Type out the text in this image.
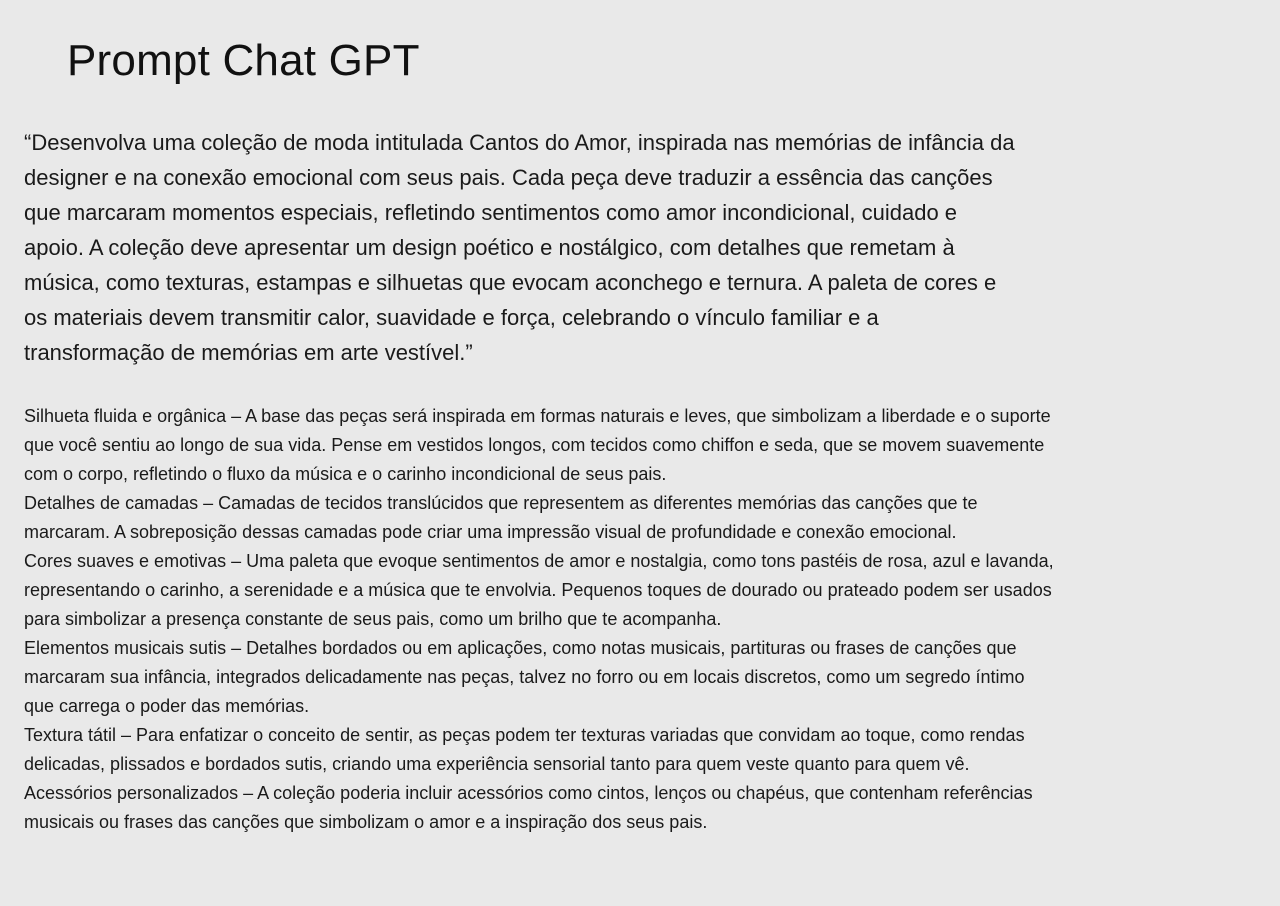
Prompt Chat GPT
“Desenvolva uma coleção de moda intitulada Cantos do Amor, inspirada nas memórias de infância da
designer e na conexão emocional com seus pais. Cada peça deve traduzir a essência das canções
que marcaram momentos especiais, refletindo sentimentos como amor incondicional, cuidado e
apoio. A coleção deve apresentar um design poético e nostálgico, com detalhes que remetam à
música, como texturas, estampas e silhuetas que evocam aconchego e ternura. A paleta de cores e
os materiais devem transmitir calor, suavidade e força, celebrando o vínculo familiar e a
transformação de memórias em arte vestível.”
Silhueta fluida e orgânica – A base das peças será inspirada em formas naturais e leves, que simbolizam a liberdade e o suporte
que você sentiu ao longo de sua vida. Pense em vestidos longos, com tecidos como chiffon e seda, que se movem suavemente
com o corpo, refletindo o fluxo da música e o carinho incondicional de seus pais.
Detalhes de camadas – Camadas de tecidos translúcidos que representem as diferentes memórias das canções que te
marcaram. A sobreposição dessas camadas pode criar uma impressão visual de profundidade e conexão emocional.
Cores suaves e emotivas – Uma paleta que evoque sentimentos de amor e nostalgia, como tons pastéis de rosa, azul e lavanda,
representando o carinho, a serenidade e a música que te envolvia. Pequenos toques de dourado ou prateado podem ser usados
para simbolizar a presença constante de seus pais, como um brilho que te acompanha.
Elementos musicais sutis – Detalhes bordados ou em aplicações, como notas musicais, partituras ou frases de canções que
marcaram sua infância, integrados delicadamente nas peças, talvez no forro ou em locais discretos, como um segredo íntimo
que carrega o poder das memórias.
Textura tátil – Para enfatizar o conceito de sentir, as peças podem ter texturas variadas que convidam ao toque, como rendas
delicadas, plissados e bordados sutis, criando uma experiência sensorial tanto para quem veste quanto para quem vê.
Acessórios personalizados – A coleção poderia incluir acessórios como cintos, lenços ou chapéus, que contenham referências
musicais ou frases das canções que simbolizam o amor e a inspiração dos seus pais.
